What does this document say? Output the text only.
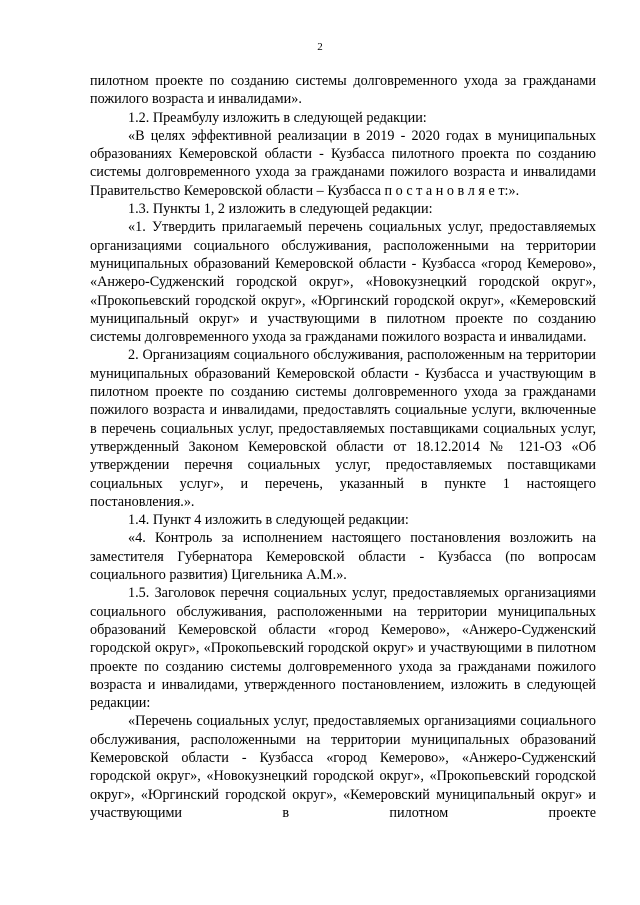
2

пилотном проекте по созданию системы долговременного ухода за гражданами пожилого возраста и инвалидами».

1.2. Преамбулу изложить в следующей редакции:

«В целях эффективной реализации в 2019 - 2020 годах в муниципальных образованиях Кемеровской области - Кузбасса пилотного проекта по созданию системы долговременного ухода за гражданами пожилого возраста и инвалидами Правительство Кемеровской области – Кузбасса п о с т а н о в л я е т:».

1.3. Пункты 1, 2 изложить в следующей редакции:

«1. Утвердить прилагаемый перечень социальных услуг, предоставляемых организациями социального обслуживания, расположенными на территории муниципальных образований Кемеровской области - Кузбасса «город Кемерово», «Анжеро-Судженский городской округ», «Новокузнецкий городской округ», «Прокопьевский городской округ», «Юргинский городской округ», «Кемеровский муниципальный округ» и участвующими в пилотном проекте по созданию системы долговременного ухода за гражданами пожилого возраста и инвалидами.

2. Организациям социального обслуживания, расположенным на территории муниципальных образований Кемеровской области - Кузбасса и участвующим в пилотном проекте по созданию системы долговременного ухода за гражданами пожилого возраста и инвалидами, предоставлять социальные услуги, включенные в перечень социальных услуг, предоставляемых поставщиками социальных услуг, утвержденный Законом Кемеровской области от 18.12.2014 № 121-ОЗ «Об утверждении перечня социальных услуг, предоставляемых поставщиками социальных услуг», и перечень, указанный в пункте 1 настоящего постановления.».

1.4. Пункт 4 изложить в следующей редакции:

«4. Контроль за исполнением настоящего постановления возложить на заместителя Губернатора Кемеровской области - Кузбасса (по вопросам социального развития) Цигельника А.М.».

1.5. Заголовок перечня социальных услуг, предоставляемых организациями социального обслуживания, расположенными на территории муниципальных образований Кемеровской области «город Кемерово», «Анжеро-Судженский городской округ», «Прокопьевский городской округ» и участвующими в пилотном проекте по созданию системы долговременного ухода за гражданами пожилого возраста и инвалидами, утвержденного постановлением, изложить в следующей редакции:

«Перечень социальных услуг, предоставляемых организациями социального обслуживания, расположенными на территории муниципальных образований Кемеровской области - Кузбасса «город Кемерово», «Анжеро-Судженский городской округ», «Новокузнецкий городской округ», «Прокопьевский городской округ», «Юргинский городской округ», «Кемеровский муниципальный округ» и участвующими в пилотном проекте
